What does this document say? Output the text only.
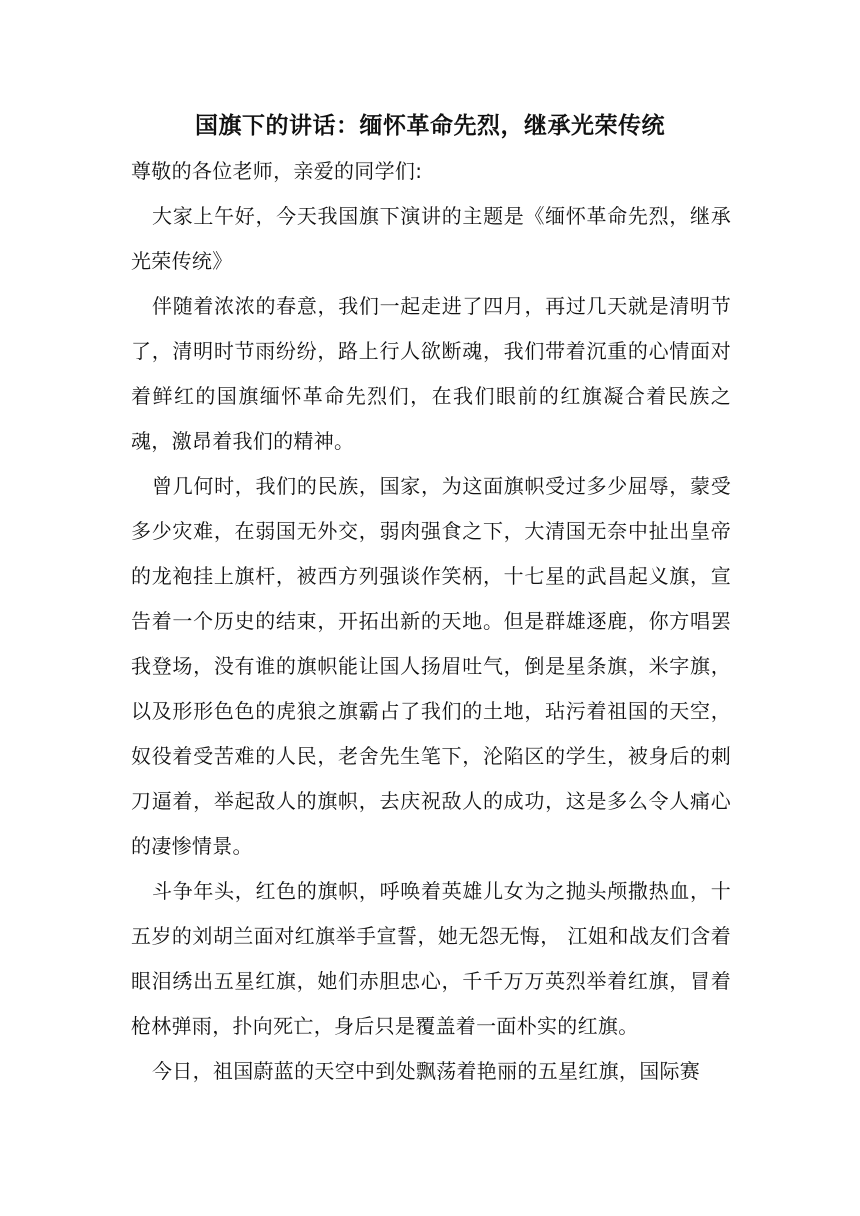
国旗下的讲话：缅怀革命先烈，继承光荣传统

尊敬的各位老师，亲爱的同学们:

大家上午好，今天我国旗下演讲的主题是《缅怀革命先烈，继承光荣传统》

伴随着浓浓的春意，我们一起走进了四月，再过几天就是清明节了，清明时节雨纷纷，路上行人欲断魂，我们带着沉重的心情面对着鲜红的国旗缅怀革命先烈们，在我们眼前的红旗凝合着民族之魂，激昂着我们的精神。

曾几何时，我们的民族，国家，为这面旗帜受过多少屈辱，蒙受多少灾难，在弱国无外交，弱肉强食之下，大清国无奈中扯出皇帝的龙袍挂上旗杆，被西方列强谈作笑柄，十七星的武昌起义旗，宣告着一个历史的结束，开拓出新的天地。但是群雄逐鹿，你方唱罢我登场，没有谁的旗帜能让国人扬眉吐气，倒是星条旗，米字旗，以及形形色色的虎狼之旗霸占了我们的土地，玷污着祖国的天空，奴役着受苦难的人民，老舍先生笔下，沦陷区的学生，被身后的刺刀逼着，举起敌人的旗帜，去庆祝敌人的成功，这是多么令人痛心的凄惨情景。

斗争年头，红色的旗帜，呼唤着英雄儿女为之抛头颅撒热血，十五岁的刘胡兰面对红旗举手宣誓，她无怨无悔， 江姐和战友们含着眼泪绣出五星红旗，她们赤胆忠心，千千万万英烈举着红旗，冒着枪林弹雨，扑向死亡，身后只是覆盖着一面朴实的红旗。

今日，祖国蔚蓝的天空中到处飘荡着艳丽的五星红旗，国际赛
